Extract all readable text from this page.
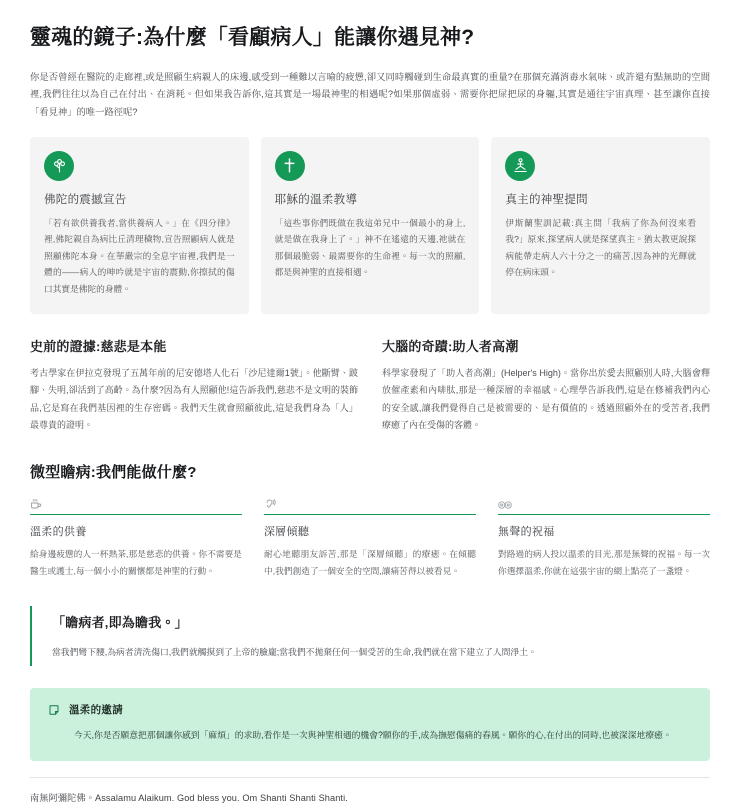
靈魂的鏡子:為什麼「看顧病人」能讓你遇見神?

你是否曾經在醫院的走廊裡,或是照顧生病親人的床邊,感受到一種難以言喻的疲憊,卻又同時觸碰到生命最真實的重量?在那個充滿消毒水氣味、或許還有點無助的空間裡,我們往往以為自己在付出、在消耗。但如果我告訴你,這其實是一場最神聖的相遇呢?如果那個虛弱、需要你把屎把尿的身軀,其實是通往宇宙真理、甚至讓你直接「看見神」的唯一路徑呢?

佛陀的震撼宣告

「若有欲供養我者,當供養病人。」在《四分律》裡,佛陀親自為病比丘清理穢物,宣告照顧病人就是照顧佛陀本身。在華嚴宗的全息宇宙裡,我們是一體的——病人的呻吟就是宇宙的震動,你擦拭的傷口其實是佛陀的身體。

耶穌的溫柔教導

「這些事你們既做在我這弟兄中一個最小的身上,就是做在我身上了。」神不在遙遠的天邊,祂就在那個最脆弱、最需要你的生命裡。每一次的照顧,都是與神聖的直接相遇。

真主的神聖提問

伊斯蘭聖訓記載:真主問「我病了你為何沒來看我?」原來,探望病人就是探望真主。猶太教更說探病能帶走病人六十分之一的痛苦,因為神的光輝就停在病床頭。

史前的證據:慈悲是本能

考古學家在伊拉克發現了五萬年前的尼安德塔人化石「沙尼達爾1號」。他斷臂、跛腳、失明,卻活到了高齡。為什麼?因為有人照顧他!這告訴我們,慈悲不是文明的裝飾品,它是寫在我們基因裡的生存密碼。我們天生就會照顧彼此,這是我們身為「人」最尊貴的證明。

大腦的奇蹟:助人者高潮

科學家發現了「助人者高潮」(Helper's High)。當你出於愛去照顧別人時,大腦會釋放催產素和內啡肽,那是一種深層的幸福感。心理學告訴我們,這是在修補我們內心的安全感,讓我們覺得自己是被需要的、是有價值的。透過照顧外在的受苦者,我們療癒了內在受傷的客體。

微型瞻病:我們能做什麼?
溫柔的供養

給身邊疲憊的人一杯熱茶,那是慈悲的供養。你不需要是醫生或護士,每一個小小的關懷都是神聖的行動。

深層傾聽

耐心地聽朋友訴苦,那是「深層傾聽」的療癒。在傾聽中,我們創造了一個安全的空間,讓痛苦得以被看見。

無聲的祝福

對路過的病人投以溫柔的目光,那是無聲的祝福。每一次你選擇溫柔,你就在這張宇宙的網上點亮了一盞燈。

「瞻病者,即為瞻我。」

當我們彎下腰,為病者清洗傷口,我們就觸摸到了上帝的臉龐;當我們不拋棄任何一個受苦的生命,我們就在當下建立了人間淨土。

溫柔的邀請

今天,你是否願意把那個讓你感到「麻煩」的求助,看作是一次與神聖相遇的機會?願你的手,成為撫慰傷痛的春風。願你的心,在付出的同時,也被深深地療癒。

南無阿彌陀佛。Assalamu Alaikum. God bless you. Om Shanti Shanti Shanti.
